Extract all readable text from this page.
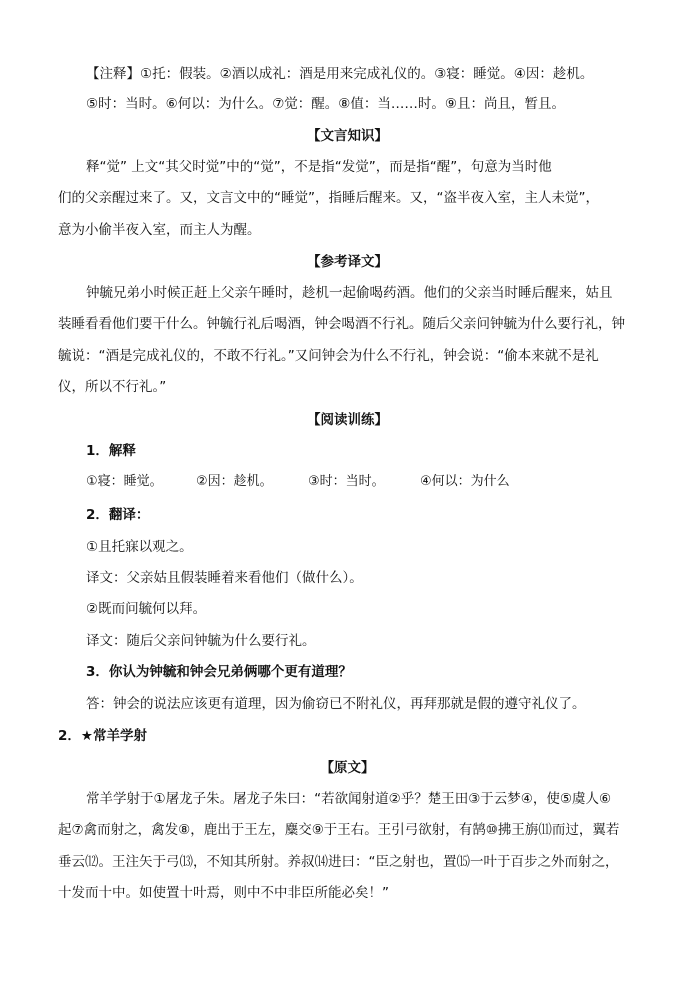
【注释】①托：假装。②酒以成礼：酒是用来完成礼仪的。③寝：睡觉。④因：趁机。
⑤时：当时。⑥何以：为什么。⑦觉：醒。⑧值：当……时。⑨且：尚且，暂且。
【文言知识】
释“觉” 上文“其父时觉”中的“觉”，不是指“发觉”，而是指“醒”，句意为当时他
们的父亲醒过来了。又，文言文中的“睡觉”，指睡后醒来。又，“盗半夜入室，主人未觉”，
意为小偷半夜入室，而主人为醒。
【参考译文】
钟毓兄弟小时候正赶上父亲午睡时，趁机一起偷喝药酒。他们的父亲当时睡后醒来，姑且
装睡看看他们要干什么。钟毓行礼后喝酒，钟会喝酒不行礼。随后父亲问钟毓为什么要行礼，钟
毓说：“酒是完成礼仪的，不敢不行礼。”又问钟会为什么不行礼，钟会说：“偷本来就不是礼
仪，所以不行礼。”
【阅读训练】
1．解释
①寝：睡觉。	②因：趁机。	③时：当时。	④何以：为什么
2．翻译：
①且托寐以观之。
译文：父亲姑且假装睡着来看他们（做什么）。
②既而问毓何以拜。
译文：随后父亲问钟毓为什么要行礼。
3．你认为钟毓和钟会兄弟俩哪个更有道理？
答：钟会的说法应该更有道理，因为偷窃已不附礼仪，再拜那就是假的遵守礼仪了。
2．★常羊学射
【原文】
常羊学射于①屠龙子朱。屠龙子朱曰：“若欲闻射道②乎？楚王田③于云梦④，使⑤虞人⑥
起⑦禽而射之，禽发⑧，鹿出于王左，麋交⑨于王右。王引弓欲射，有鹄⑩拂王旃⑾而过，翼若
垂云⑿。王注矢于弓⒀，不知其所射。养叔⒁进曰：“臣之射也，置⒂一叶于百步之外而射之，
十发而十中。如使置十叶焉，则中不中非臣所能必矣！”
